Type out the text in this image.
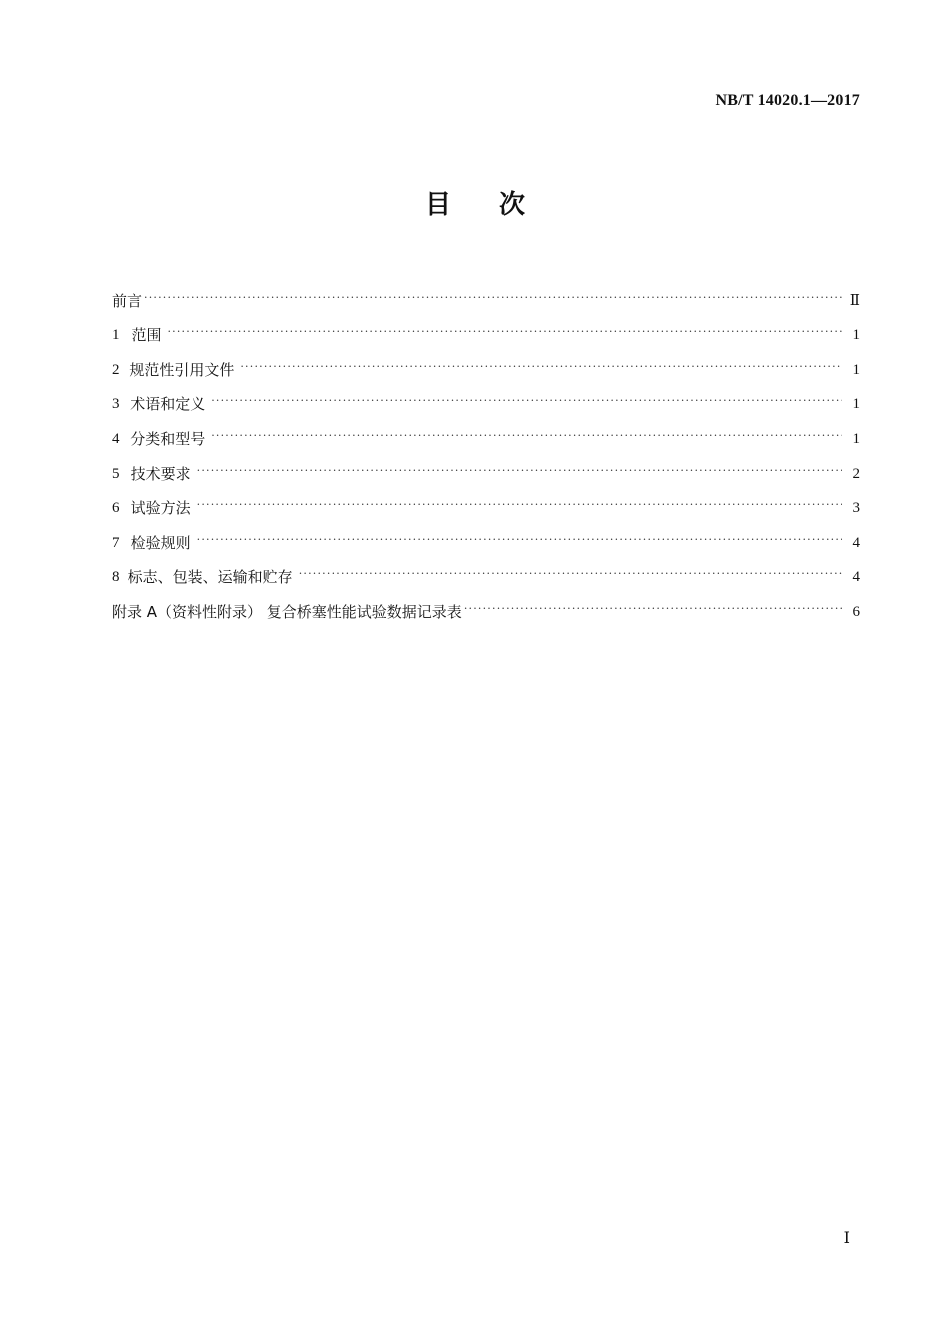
NB/T 14020.1—2017
目 次
前言 ·····	Ⅱ
1 范围 ·····	1
2 规范性引用文件 ·····	1
3 术语和定义 ·····	1
4 分类和型号 ·····	1
5 技术要求 ·····	2
6 试验方法 ·····	3
7 检验规则 ·····	4
8 标志、包装、运输和贮存 ·····	4
附录 A（资料性附录） 复合桥塞性能试验数据记录表 ·····	6
Ⅰ
